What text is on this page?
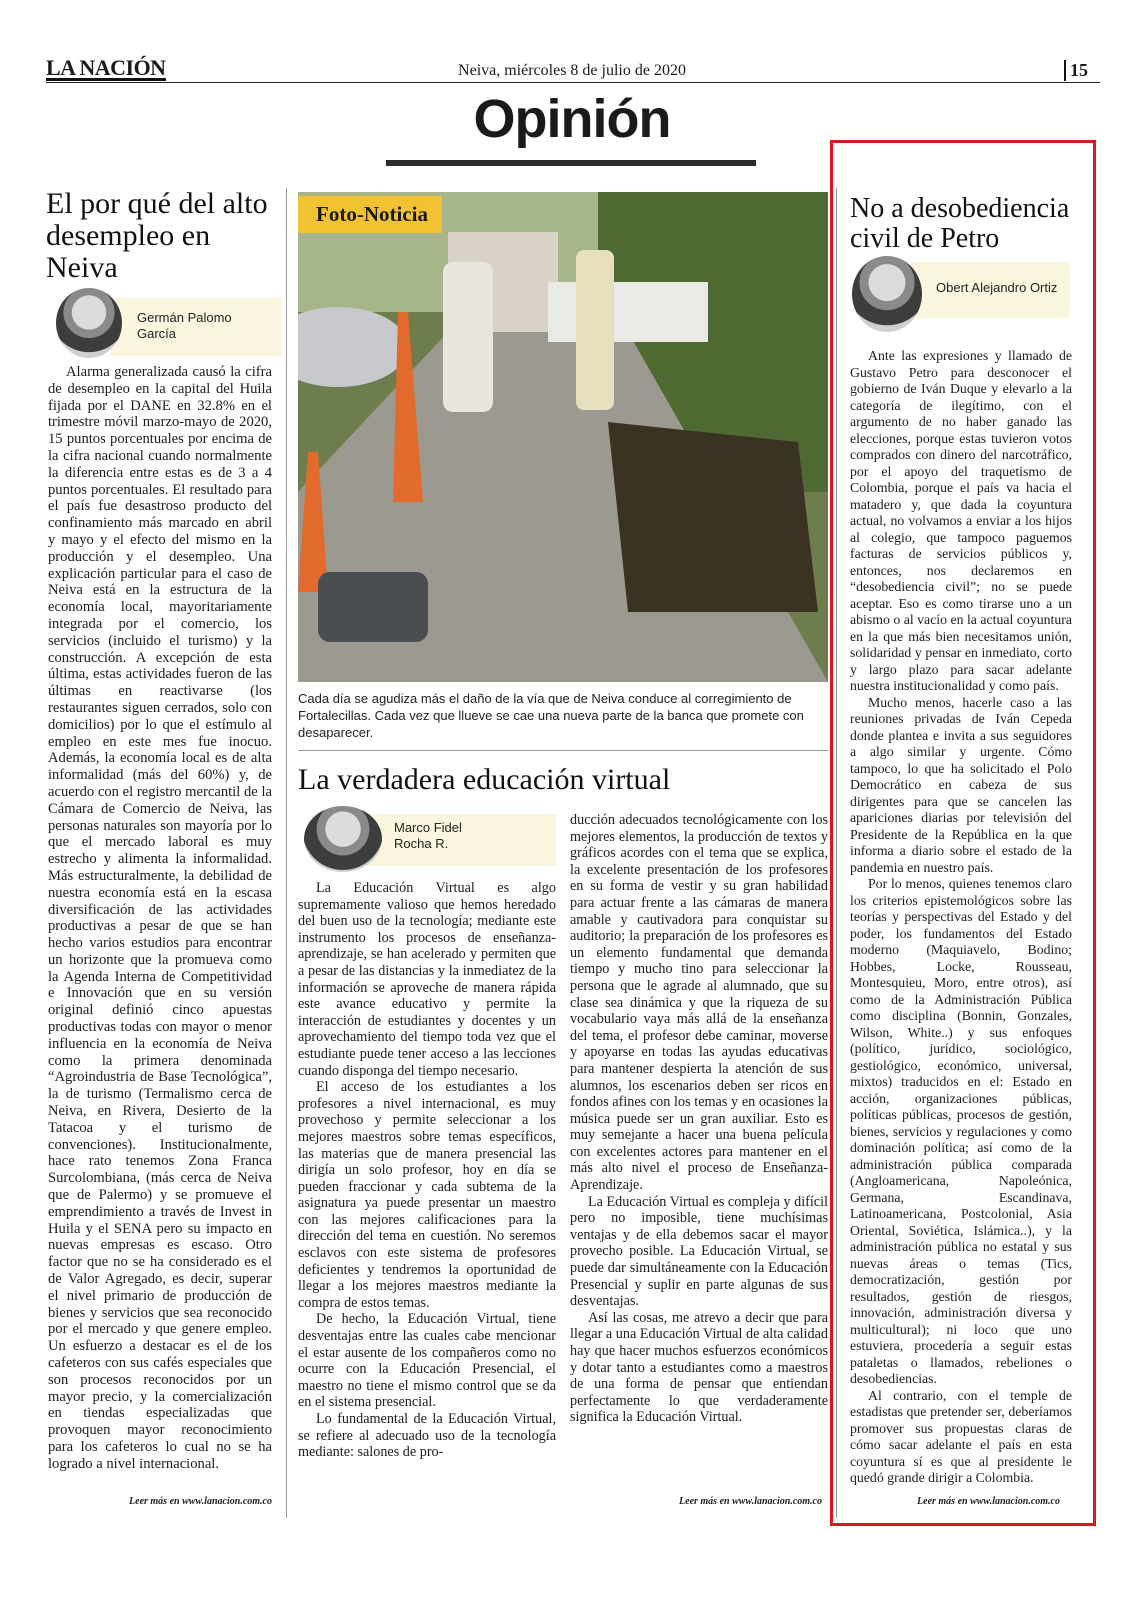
LA NACIÓN	Neiva, miércoles 8 de julio de 2020	15
Opinión
El por qué del alto desempleo en Neiva
Germán Palomo García

Alarma generalizada causó la cifra de desempleo en la capital del Huila fijada por el DANE en 32.8% en el trimestre móvil marzo-mayo de 2020, 15 puntos porcentuales por encima de la cifra nacional cuando normalmente la diferencia entre estas es de 3 a 4 puntos porcentuales. El resultado para el país fue desastroso producto del confinamiento más marcado en abril y mayo y el efecto del mismo en la producción y el desempleo. Una explicación particular para el caso de Neiva está en la estructura de la economía local, mayoritariamente integrada por el comercio, los servicios (incluido el turismo) y la construcción. A excepción de esta última, estas actividades fueron de las últimas en reactivarse (los restaurantes siguen cerrados, solo con domicilios) por lo que el estímulo al empleo en este mes fue inocuo. Además, la economía local es de alta informalidad (más del 60%) y, de acuerdo con el registro mercantil de la Cámara de Comercio de Neiva, las personas naturales son mayoría por lo que el mercado laboral es muy estrecho y alimenta la informalidad. Más estructuralmente, la debilidad de nuestra economía está en la escasa diversificación de las actividades productivas a pesar de que se han hecho varios estudios para encontrar un horizonte que la promueva como la Agenda Interna de Competitividad e Innovación que en su versión original definió cinco apuestas productivas todas con mayor o menor influencia en la economía de Neiva como la primera denominada “Agroindustria de Base Tecnológica”, la de turismo (Termalismo cerca de Neiva, en Rivera, Desierto de la Tatacoa y el turismo de convenciones). Institucionalmente, hace rato tenemos Zona Franca Surcolombiana, (más cerca de Neiva que de Palermo) y se promueve el emprendimiento a través de Invest in Huila y el SENA pero su impacto en nuevas empresas es escaso. Otro factor que no se ha considerado es el de Valor Agregado, es decir, superar el nivel primario de producción de bienes y servicios que sea reconocido por el mercado y que genere empleo. Un esfuerzo a destacar es el de los cafeteros con sus cafés especiales que son procesos reconocidos por un mayor precio, y la comercialización en tiendas especializadas que provoquen mayor reconocimiento para los cafeteros lo cual no se ha logrado a nivel internacional.

Leer más en www.lanacion.com.co
Foto-Noticia
Cada día se agudiza más el daño de la vía que de Neiva conduce al corregimiento de Fortalecillas. Cada vez que llueve se cae una nueva parte de la banca que promete con desaparecer.
La verdadera educación virtual
Marco Fidel Rocha R.

La Educación Virtual es algo supremamente valioso que hemos heredado del buen uso de la tecnología; mediante este instrumento los procesos de enseñanza-aprendizaje, se han acelerado y permiten que a pesar de las distancias y la inmediatez de la información se aproveche de manera rápida este avance educativo y permite la interacción de estudiantes y docentes y un aprovechamiento del tiempo toda vez que el estudiante puede tener acceso a las lecciones cuando disponga del tiempo necesario.

El acceso de los estudiantes a los profesores a nivel internacional, es muy provechoso y permite seleccionar a los mejores maestros sobre temas específicos, las materias que de manera presencial las dirigía un solo profesor, hoy en día se pueden fraccionar y cada subtema de la asignatura ya puede presentar un maestro con las mejores calificaciones para la dirección del tema en cuestión. No seremos esclavos con este sistema de profesores deficientes y tendremos la oportunidad de llegar a los mejores maestros mediante la compra de estos temas.

De hecho, la Educación Virtual, tiene desventajas entre las cuales cabe mencionar el estar ausente de los compañeros como no ocurre con la Educación Presencial, el maestro no tiene el mismo control que se da en el sistema presencial.

Lo fundamental de la Educación Virtual, se refiere al adecuado uso de la tecnología mediante: salones de pro-

ducción adecuados tecnológicamente con los mejores elementos, la producción de textos y gráficos acordes con el tema que se explica, la excelente presentación de los profesores en su forma de vestir y su gran habilidad para actuar frente a las cámaras de manera amable y cautivadora para conquistar su auditorio; la preparación de los profesores es un elemento fundamental que demanda tiempo y mucho tino para seleccionar la persona que le agrade al alumnado, que su clase sea dinámica y que la riqueza de su vocabulario vaya más allá de la enseñanza del tema, el profesor debe caminar, moverse y apoyarse en todas las ayudas educativas para mantener despierta la atención de sus alumnos, los escenarios deben ser ricos en fondos afines con los temas y en ocasiones la música puede ser un gran auxiliar. Esto es muy semejante a hacer una buena película con excelentes actores para mantener en el más alto nivel el proceso de Enseñanza-Aprendizaje.

La Educación Virtual es compleja y difícil pero no imposible, tiene muchísimas ventajas y de ella debemos sacar el mayor provecho posible. La Educación Virtual, se puede dar simultáneamente con la Educación Presencial y suplir en parte algunas de sus desventajas.

Así las cosas, me atrevo a decir que para llegar a una Educación Virtual de alta calidad hay que hacer muchos esfuerzos económicos y dotar tanto a estudiantes como a maestros de una forma de pensar que entiendan perfectamente lo que verdaderamente significa la Educación Virtual.

Leer más en www.lanacion.com.co
No a desobediencia civil de Petro
Obert Alejandro Ortiz

Ante las expresiones y llamado de Gustavo Petro para desconocer el gobierno de Iván Duque y elevarlo a la categoría de ilegítimo, con el argumento de no haber ganado las elecciones, porque estas tuvieron votos comprados con dinero del narcotráfico, por el apoyo del traquetismo de Colombia, porque el país va hacia el matadero y, que dada la coyuntura actual, no volvamos a enviar a los hijos al colegio, que tampoco paguemos facturas de servicios públicos y, entonces, nos declaremos en “desobediencia civil”; no se puede aceptar. Eso es como tirarse uno a un abismo o al vacío en la actual coyuntura en la que más bien necesitamos unión, solidaridad y pensar en inmediato, corto y largo plazo para sacar adelante nuestra institucionalidad y como país.

Mucho menos, hacerle caso a las reuniones privadas de Iván Cepeda donde plantea e invita a sus seguidores a algo similar y urgente. Cómo tampoco, lo que ha solicitado el Polo Democrático en cabeza de sus dirigentes para que se cancelen las apariciones diarias por televisión del Presidente de la República en la que informa a diario sobre el estado de la pandemia en nuestro país.

Por lo menos, quienes tenemos claro los criterios epistemológicos sobre las teorías y perspectivas del Estado y del poder, los fundamentos del Estado moderno (Maquiavelo, Bodino; Hobbes, Locke, Rousseau, Montesquieu, Moro, entre otros), así como de la Administración Pública como disciplina (Bonnin, Gonzales, Wilson, White..) y sus enfoques (político, jurídico, sociológico, gestiológico, económico, universal, mixtos) traducidos en el: Estado en acción, organizaciones públicas, políticas públicas, procesos de gestión, bienes, servicios y regulaciones y como dominación política; así como de la administración pública comparada (Angloamericana, Napoleónica, Germana, Escandinava, Latinoamericana, Postcolonial, Asia Oriental, Soviética, Islámica..), y la administración pública no estatal y sus nuevas áreas o temas (Tics, democratización, gestión por resultados, gestión de riesgos, innovación, administración diversa y multicultural); ni loco que uno estuviera, procedería a seguir estas pataletas o llamados, rebeliones o desobediencias.

Al contrario, con el temple de estadistas que pretender ser, deberíamos promover sus propuestas claras de cómo sacar adelante el país en esta coyuntura sí es que al presidente le quedó grande dirigir a Colombia.

Leer más en www.lanacion.com.co
